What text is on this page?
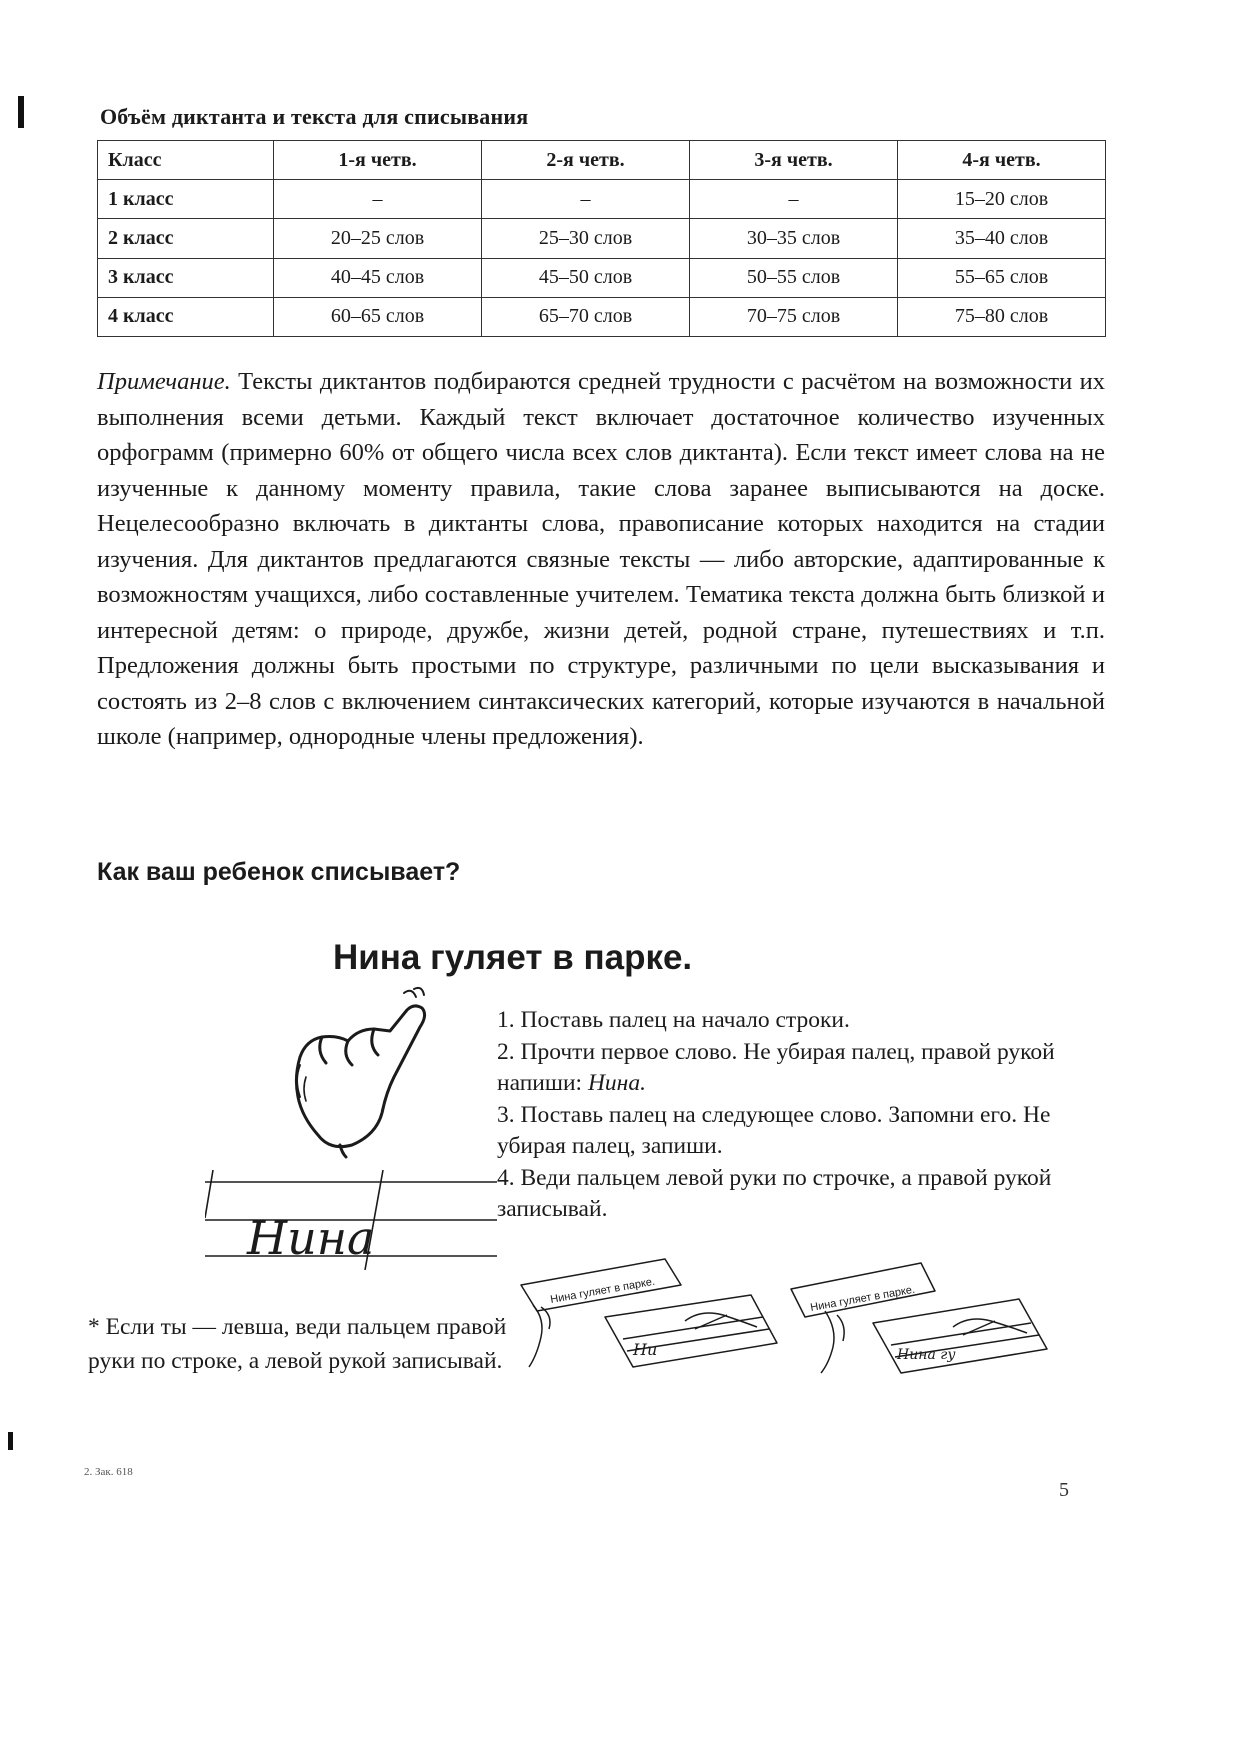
Объём диктанта и текста для списывания
Класс	1-я четв.	2-я четв.	3-я четв.	4-я четв.
1 класс	–	–	–	15–20 слов
2 класс	20–25 слов	25–30 слов	30–35 слов	35–40 слов
3 класс	40–45 слов	45–50 слов	50–55 слов	55–65 слов
4 класс	60–65 слов	65–70 слов	70–75 слов	75–80 слов
Примечание. Тексты диктантов подбираются средней трудности с расчётом на возможности их выполнения всеми детьми. Каждый текст включает достаточное количество изученных орфограмм (примерно 60% от общего числа всех слов диктанта). Если текст имеет слова на не изученные к данному моменту правила, такие слова заранее выписываются на доске. Нецелесообразно включать в диктанты слова, правописание которых находится на стадии изучения. Для диктантов предлагаются связные тексты — либо авторские, адаптированные к возможностям учащихся, либо составленные учителем. Тематика текста должна быть близкой и интересной детям: о природе, дружбе, жизни детей, родной стране, путешествиях и т.п. Предложения должны быть простыми по структуре, различными по цели высказывания и состоять из 2–8 слов с включением синтаксических категорий, которые изучаются в начальной школе (например, однородные члены предложения).
Как ваш ребенок списывает?
Нина гуляет в парке.
Нина

1. Поставь палец на начало строки.

2. Прочти первое слово. Не убирая палец, правой рукой напиши: Нина.

3. Поставь палец на следующее слово. Запомни его. Не убирая палец, запиши.

4. Веди пальцем левой руки по строчке, а правой рукой записывай.

Нина гуляет в парке.
Ни
Нина гуляет в парке.
Нина гу
* Если ты — левша, веди пальцем правой руки по строке, а левой рукой записывай.
2. Зак. 618
5
